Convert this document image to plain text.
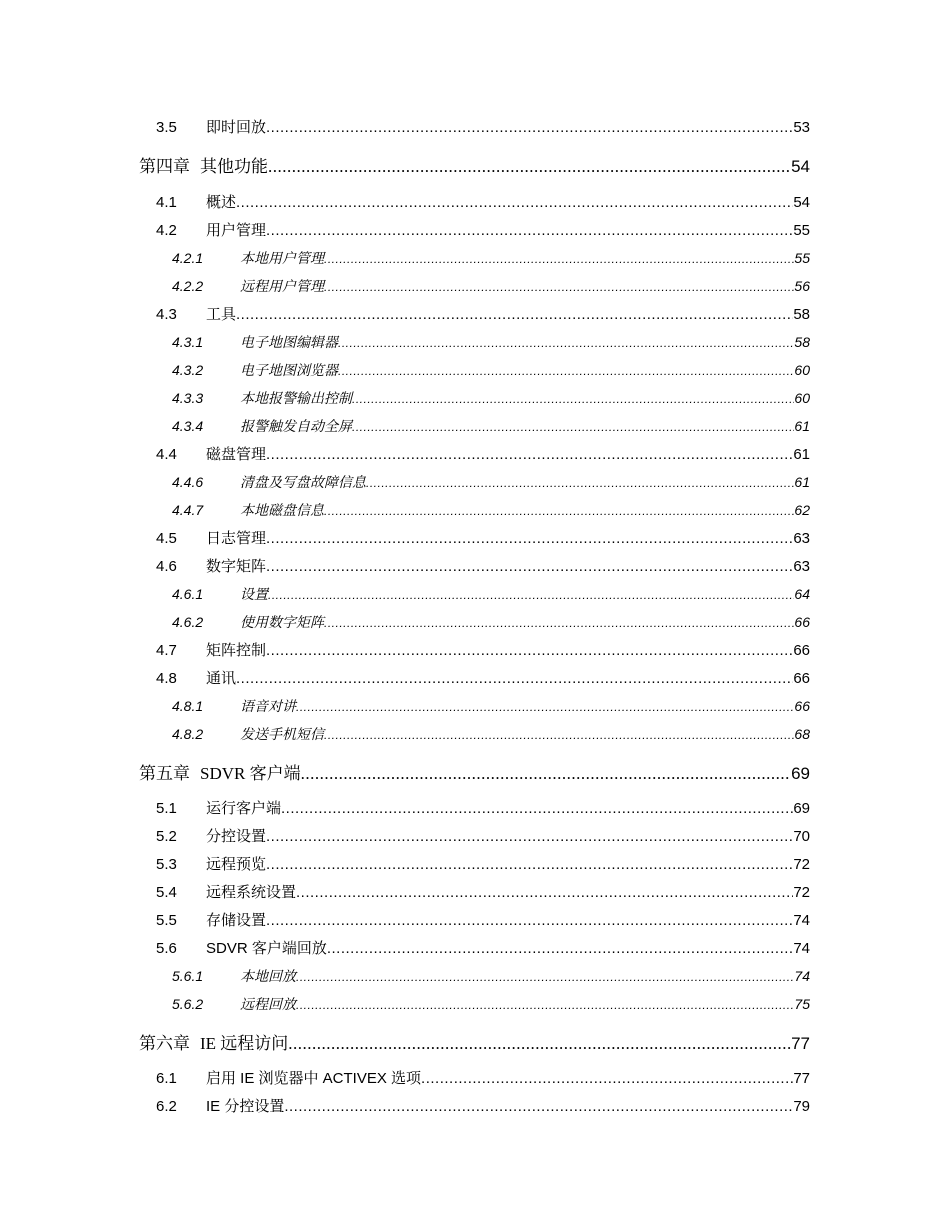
3.5	即时回放 .....	53
第四章 其他功能 .....	54
4.1	概述 .....	54
4.2	用户管理 .....	55
4.2.1	本地用户管理 .....	55
4.2.2	远程用户管理 .....	56
4.3	工具 .....	58
4.3.1	电子地图编辑器 .....	58
4.3.2	电子地图浏览器 .....	60
4.3.3	本地报警输出控制 .....	60
4.3.4	报警触发自动全屏 .....	61
4.4	磁盘管理 .....	61
4.4.6	清盘及写盘故障信息 .....	61
4.4.7	本地磁盘信息 .....	62
4.5	日志管理 .....	63
4.6	数字矩阵 .....	63
4.6.1	设置 .....	64
4.6.2	使用数字矩阵 .....	66
4.7	矩阵控制 .....	66
4.8	通讯 .....	66
4.8.1	语音对讲 .....	66
4.8.2	发送手机短信 .....	68
第五章 SDVR 客户端 .....	69
5.1	运行客户端 .....	69
5.2	分控设置 .....	70
5.3	远程预览 .....	72
5.4	远程系统设置 .....	72
5.5	存储设置 .....	74
5.6	SDVR 客户端回放 .....	74
5.6.1	本地回放 .....	74
5.6.2	远程回放 .....	75
第六章 IE 远程访问 .....	77
6.1	启用 IE 浏览器中 ACTIVEX 选项 .....	77
6.2	IE 分控设置 .....	79
